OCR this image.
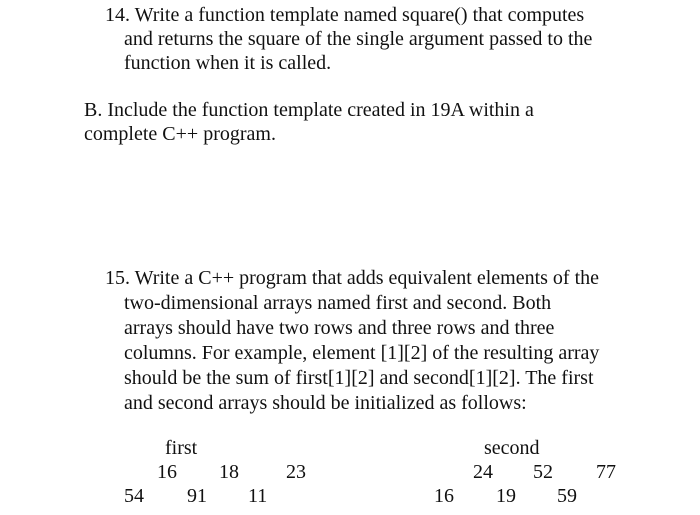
14. Write a function template named square() that computes
and returns the square of the single argument passed to the
function when it is called.
B. Include the function template created in 19A within a
complete C++ program.
15. Write a C++ program that adds equivalent elements of the
two-dimensional arrays named first and second. Both
arrays should have two rows and three rows and three
columns. For example, element [1][2] of the resulting array
should be the sum of first[1][2] and second[1][2]. The first
and second arrays should be initialized as follows:
first
16 18 23
54 91 11
second
24 52 77
16 19 59
